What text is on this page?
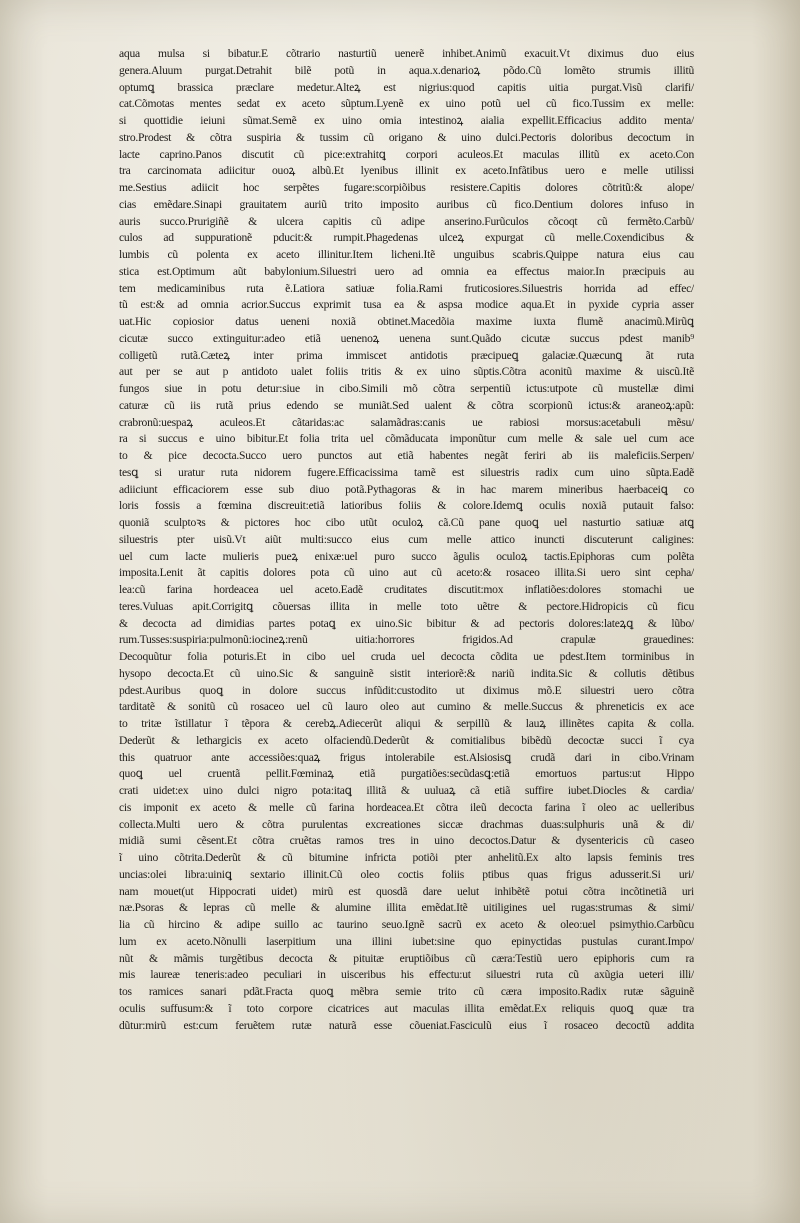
aqua mulsa si bibatur.E cõtrario nasturtiũ uenerẽ inhibet.Animũ exacuit.Vt diximus duo eius
genera.Aluum purgat.Detrahit bilẽ potũ in aqua.x.denarioꝝ põdo.Cũ lomẽto strumis illitũ
optumꝗ brassica præclare medetur.Alteꝝ est nigrius:quod capitis uitia purgat.Visũ clarifi/
cat.Cõmotas mentes sedat ex aceto sũptum.Lyenẽ ex uino potũ uel cũ fico.Tussim ex melle:
si quottidie ieiuni sũmat.Semẽ ex uino omia intestinoꝝ aialia expellit.Efficacius addito menta/
stro.Prodest & cõtra suspiria & tussim cũ origano & uino dulci.Pectoris doloribus decoctum in
lacte caprino.Panos discutit cũ pice:extrahitꝗ corpori aculeos.Et maculas illitũ ex aceto.Con
tra carcinomata adiicitur ouoꝝ albũ.Et lyenibus illinit ex aceto.Infãtibus uero e melle utilissi
me.Sestius adiicit hoc serpẽtes fugare:scorpiõibus resistere.Capitis dolores cõtritũ:& alope/
cias emẽdare.Sinapi grauitatem auriũ trito imposito auribus cũ fico.Dentium dolores infuso in
auris succo.Prurigiñẽ & ulcera capitis cũ adipe anserino.Furũculos cõcoqt cũ fermẽto.Carbũ/
culos ad suppurationẽ pducit:& rumpit.Phagedenas ulceꝝ expurgat cũ melle.Coxendicibus &
lumbis cũ polenta ex aceto illinitur.Item licheni.Itẽ unguibus scabris.Quippe natura eius cau
stica est.Optimum aũt babylonium.Siluestri uero ad omnia ea effectus maior.In præcipuis au
tem medicaminibus ruta ẽ.Latiora satiuæ folia.Rami fruticosiores.Siluestris horrida ad effec/
tũ est:& ad omnia acrior.Succus exprimit tusa ea & aspsa modice aqua.Et in pyxide cypria asser
uat.Hic copiosior datus ueneni noxiã obtinet.Macedõia maxime iuxta flumẽ anacimũ.Mirũꝗ
cicutæ succo extinguitur:adeo etiã uenenoꝝ uenena sunt.Quãdo cicutæ succus pdest manib⁹
colligetũ rutã.Cæteꝝ inter prima immiscet antidotis præcipueꝗ galaciæ.Quæcunꝗ ãt ruta
aut per se aut p antidoto ualet foliis tritis & ex uino sũptis.Cõtra aconitũ maxime & uiscũ.Itẽ
fungos siue in potu detur:siue in cibo.Simili mõ cõtra serpentiũ ictus:utpote cũ mustellæ dimi
caturæ cũ iis rutã prius edendo se muniãt.Sed ualent & cõtra scorpionũ ictus:& araneoꝝ:apũ:
crabronũ:uespaꝝ aculeos.Et cãtaridas:ac salamãdras:canis ue rabiosi morsus:acetabuli mẽsu/
ra si succus e uino bibitur.Et folia trita uel cõmãducata imponũtur cum melle & sale uel cum ace
to & pice decocta.Succo uero punctos aut etiã habentes negãt feriri ab iis maleficiis.Serpen/
tesꝗ si uratur ruta nidorem fugere.Efficacissima tamẽ est siluestris radix cum uino sũpta.Eadẽ
adiiciunt efficaciorem esse sub diuo potã.Pythagoras & in hac marem mineribus haerbaceiꝗ co
loris fossis a fœmina discreuit:etiã latioribus foliis & colore.Idemꝗ oculis noxiã putauit falso:
quoniã sculptoꝛs & pictores hoc cibo utũt oculoꝝ cã.Cũ pane quoꝗ uel nasturtio satiuæ atꝗ
siluestris pter uisũ.Vt aiũt multi:succo eius cum melle attico inuncti discuterunt caligines:
uel cum lacte mulieris pueꝝ enixæ:uel puro succo ãgulis oculoꝝ tactis.Epiphoras cum polẽta
imposita.Lenit ãt capitis dolores pota cũ uino aut cũ aceto:& rosaceo illita.Si uero sint cepha/
lea:cũ farina hordeacea uel aceto.Eadẽ cruditates discutit:mox inflatiões:dolores stomachi ue
teres.Vuluas apit.Corrigitꝗ cõuersas illita in melle toto uẽtre & pectore.Hidropicis cũ ficu
& decocta ad dimidias partes potaꝗ ex uino.Sic bibitur & ad pectoris dolores:lateꝝꝗ & lũbo/
rum.Tusses:suspiria:pulmonũ:iocineꝝ:renũ uitia:horrores frigidos.Ad crapulæ grauedines:
Decoquũtur folia poturis.Et in cibo uel cruda uel decocta cõdita ue pdest.Item torminibus in
hysopo decocta.Et cũ uino.Sic & sanguinẽ sistit interiorẽ:& nariũ indita.Sic & collutis dẽtibus
pdest.Auribus quoꝗ in dolore succus infũdit:custodito ut diximus mõ.E siluestri uero cõtra
tarditatẽ & sonitũ cũ rosaceo uel cũ lauro oleo aut cumino & melle.Succus & phreneticis ex ace
to tritæ ĩstillatur ĩ tẽpora & cerebꝝ.Adiecerũt aliqui & serpillũ & lauꝝ illinẽtes capita & colla.
Dederũt & lethargicis ex aceto olfaciendũ.Dederũt & comitialibus bibẽdũ decoctæ succi ĩ cya
this quatruor ante accessiões:quaꝝ frigus intolerabile est.Alsiosisꝗ crudã dari in cibo.Vrinam
quoꝗ uel cruentã pellit.Fœminaꝝ etiã purgatiões:secũdasꝗ:etiã emortuos partus:ut Hippo
crati uidet:ex uino dulci nigro pota:itaꝗ illitã & uuluaꝝ cã etiã suffire iubet.Diocles & cardia/
cis imponit ex aceto & melle cũ farina hordeacea.Et cõtra ileũ decocta farina ĩ oleo ac uelleribus
collecta.Multi uero & cõtra purulentas excreationes siccæ drachmas duas:sulphuris unã & di/
midiã sumi cẽsent.Et cõtra cruẽtas ramos tres in uino decoctos.Datur & dysentericis cũ caseo
ĩ uino cõtrita.Dederũt & cũ bitumine infricta potiõi pter anhelitũ.Ex alto lapsis feminis tres
uncias:olei libra:uiniꝗ sextario illinit.Cũ oleo coctis foliis ptibus quas frigus adusserit.Si uri/
nam mouet(ut Hippocrati uidet) mirũ est quosdã dare uelut inhibẽtẽ potui cõtra incõtinetiã uri
næ.Psoras & lepras cũ melle & alumine illita emẽdat.Itẽ uitiligines uel rugas:strumas & simi/
lia cũ hircino & adipe suillo ac taurino seuo.Ignẽ sacrũ ex aceto & oleo:uel psimythio.Carbũcu
lum ex aceto.Nõnulli laserpitium una illini iubet:sine quo epinyctidas pustulas curant.Impo/
nũt & mãmis turgẽtibus decocta & pituitæ eruptiõibus cũ cæra:Testiũ uero epiphoris cum ra
mis laureæ teneris:adeo peculiari in uisceribus his effectu:ut siluestri ruta cũ axũgia ueteri illi/
tos ramices sanari pdãt.Fracta quoꝗ mẽbra semie trito cũ cæra imposito.Radix rutæ sãguinẽ
oculis suffusum:& ĩ toto corpore cicatrices aut maculas illita emẽdat.Ex reliquis quoꝗ quæ tra
dũtur:mirũ est:cum feruẽtem rutæ naturã esse cõueniat.Fasciculũ eius ĩ rosaceo decoctũ addita
